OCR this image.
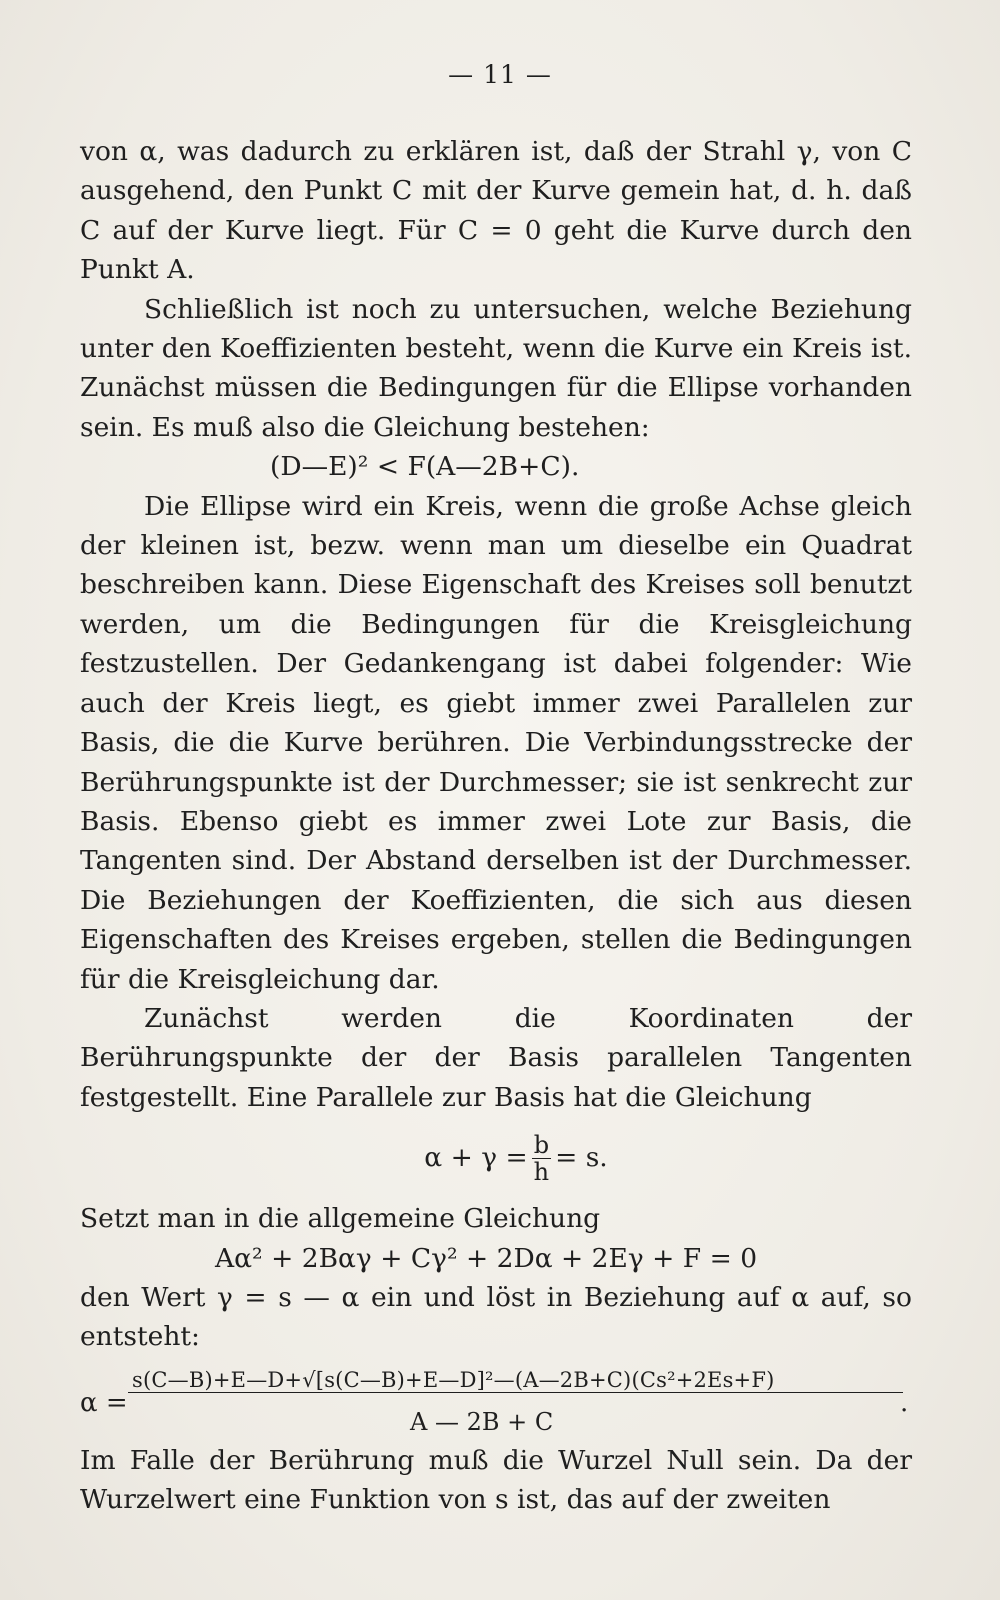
— 11 —

von α, was dadurch zu erklären ist, daß der Strahl γ, von C ausgehend, den Punkt C mit der Kurve gemein hat, d. h. daß C auf der Kurve liegt. Für C = 0 geht die Kurve durch den Punkt A.

Schließlich ist noch zu untersuchen, welche Beziehung unter den Koeffizienten besteht, wenn die Kurve ein Kreis ist. Zunächst müssen die Bedingungen für die Ellipse vorhanden sein. Es muß also die Gleichung bestehen:

(D—E)² < F(A—2B+C).

Die Ellipse wird ein Kreis, wenn die große Achse gleich der kleinen ist, bezw. wenn man um dieselbe ein Quadrat beschreiben kann. Diese Eigenschaft des Kreises soll benutzt werden, um die Bedingungen für die Kreisgleichung festzustellen. Der Gedankengang ist dabei folgender: Wie auch der Kreis liegt, es giebt immer zwei Parallelen zur Basis, die die Kurve berühren. Die Verbindungsstrecke der Berührungspunkte ist der Durchmesser; sie ist senkrecht zur Basis. Ebenso giebt es immer zwei Lote zur Basis, die Tangenten sind. Der Abstand derselben ist der Durchmesser. Die Beziehungen der Koeffizienten, die sich aus diesen Eigenschaften des Kreises ergeben, stellen die Bedingungen für die Kreisgleichung dar.

Zunächst werden die Koordinaten der Berührungspunkte der der Basis parallelen Tangenten festgestellt. Eine Parallele zur Basis hat die Gleichung

$\alpha + \gamma = \frac{b}{h} = s$.

Setzt man in die allgemeine Gleichung

Aα² + 2Bαγ + Cγ² + 2Dα + 2Eγ + F = 0

den Wert γ = s — α ein und löst in Beziehung auf α auf, so entsteht:

α =
s(C—B)+E—D+√[s(C—B)+E—D]²—(A—2B+C)(Cs²+2Es+F)
.
A — 2B + C

Im Falle der Berührung muß die Wurzel Null sein. Da der Wurzelwert eine Funktion von s ist, das auf der zweiten
